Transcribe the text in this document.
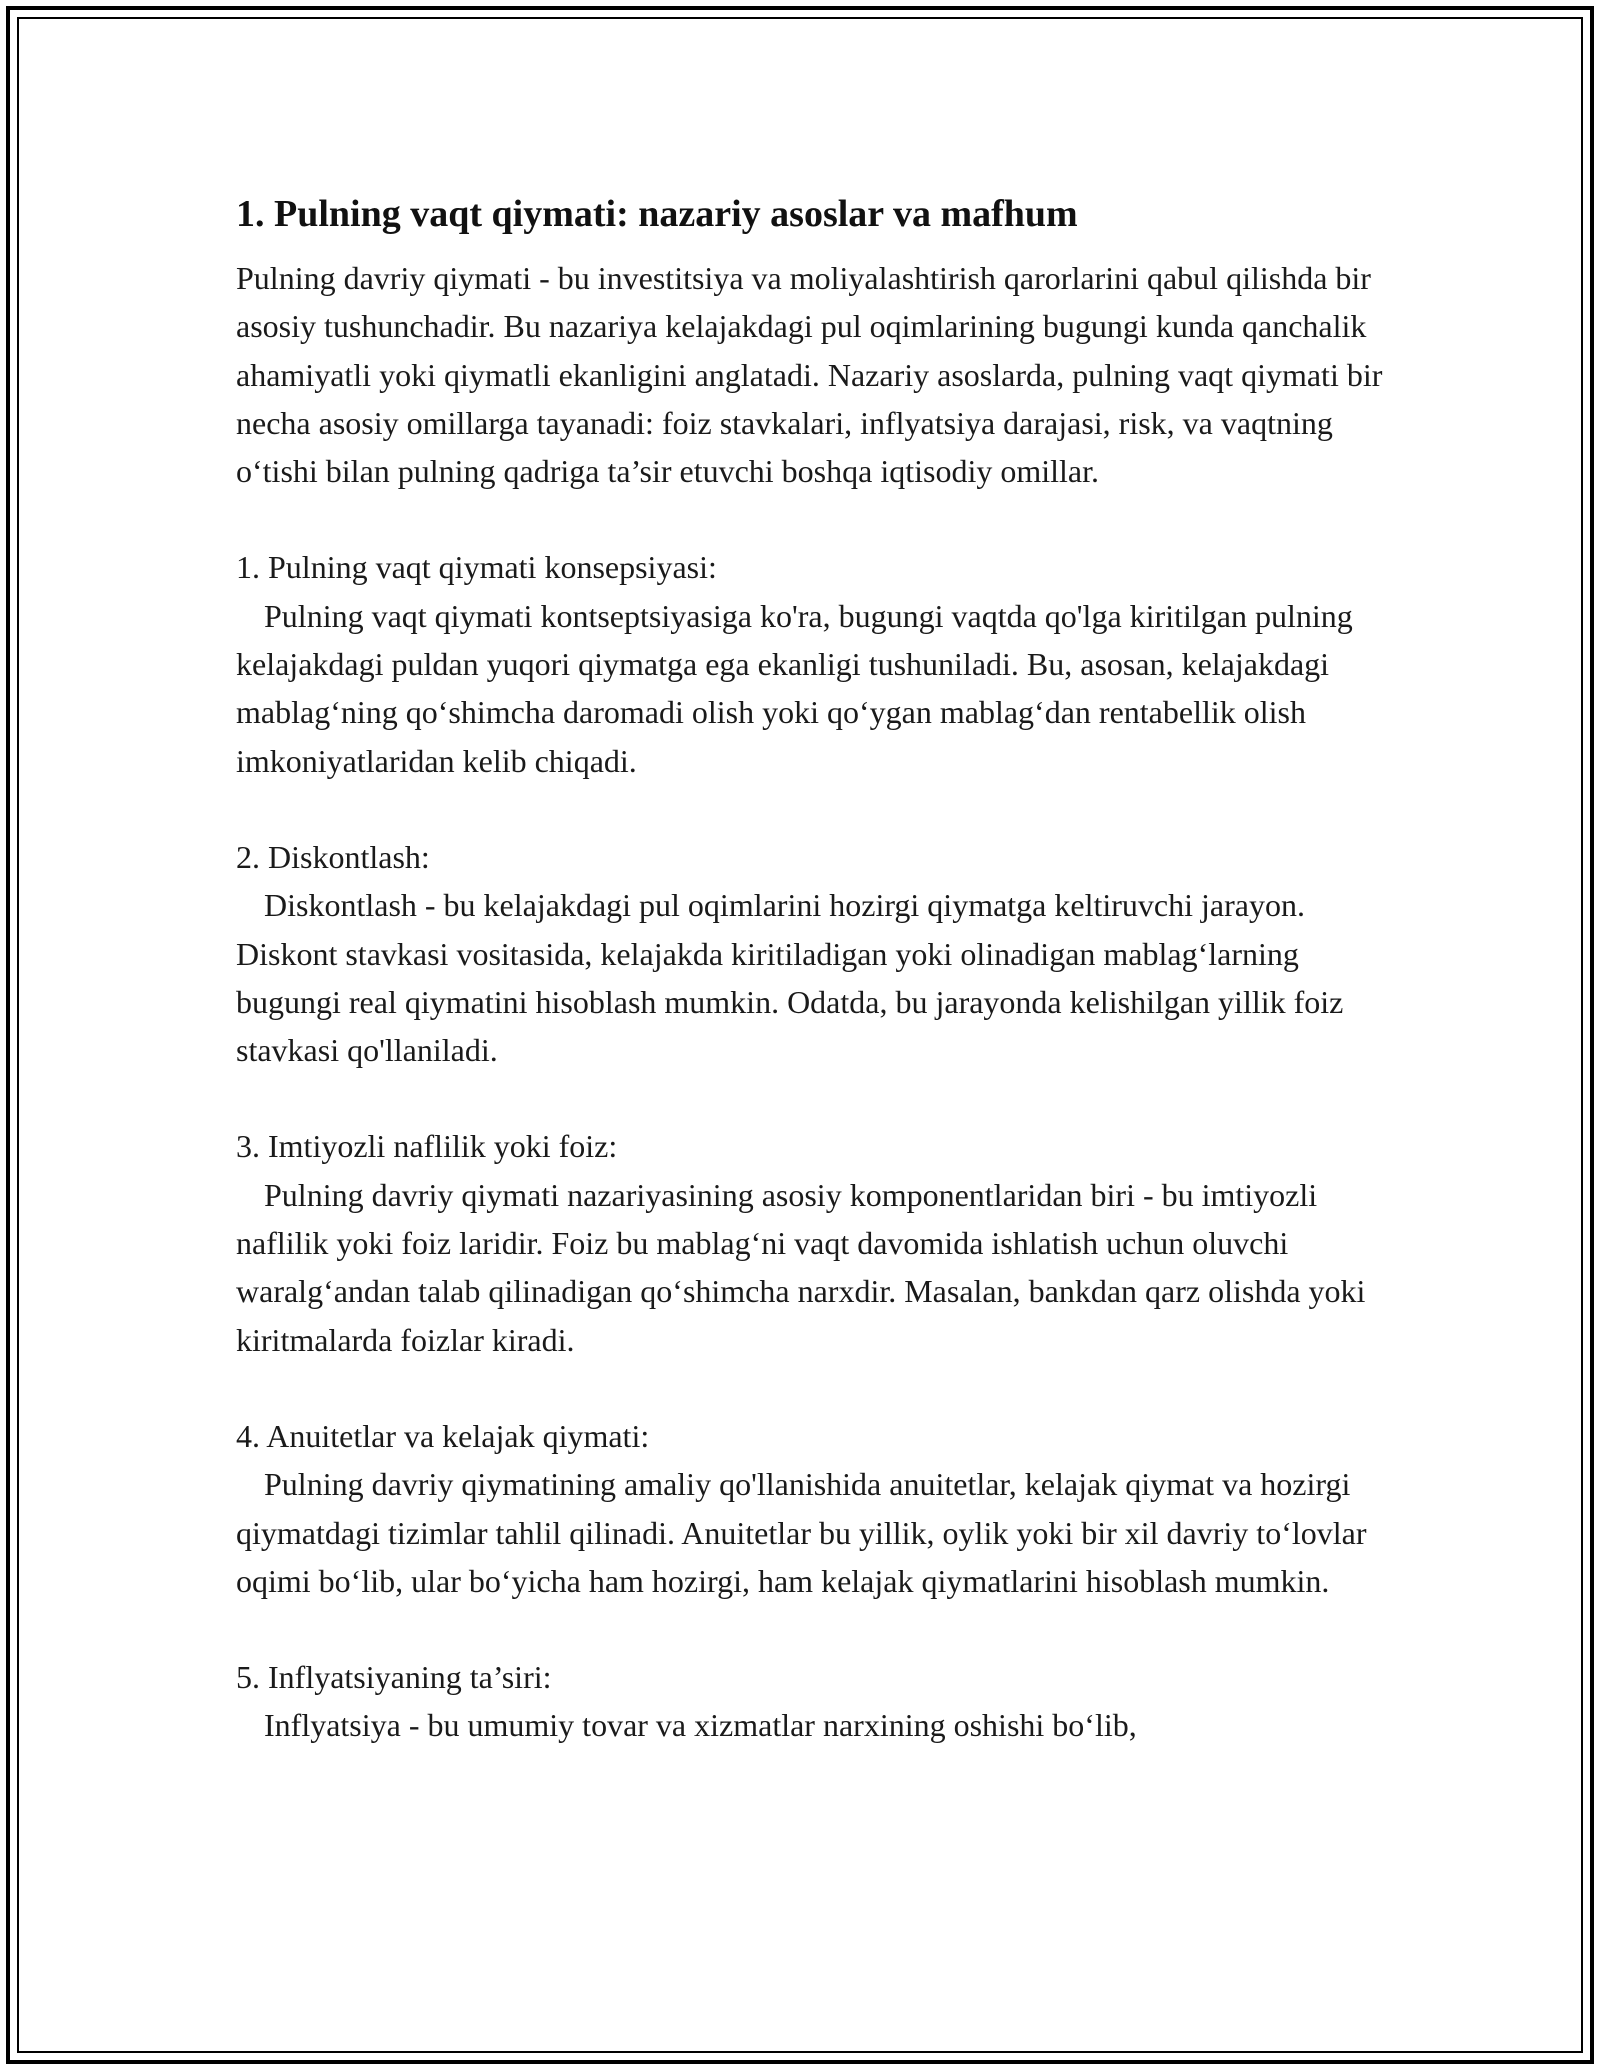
1. Pulning vaqt qiymati: nazariy asoslar va mafhum
Pulning davriy qiymati - bu investitsiya va moliyalashtirish qarorlarini qabul qilishda bir asosiy tushunchadir. Bu nazariya kelajakdagi pul oqimlarining bugungi kunda qanchalik ahamiyatli yoki qiymatli ekanligini anglatadi. Nazariy asoslarda, pulning vaqt qiymati bir necha asosiy omillarga tayanadi: foiz stavkalari, inflyatsiya darajasi, risk, va vaqtning o‘tishi bilan pulning qadriga ta’sir etuvchi boshqa iqtisodiy omillar.
1. Pulning vaqt qiymati konsepsiyasi:
Pulning vaqt qiymati kontseptsiyasiga ko'ra, bugungi vaqtda qo'lga kiritilgan pulning kelajakdagi puldan yuqori qiymatga ega ekanligi tushuniladi. Bu, asosan, kelajakdagi mablag‘ning qo‘shimcha daromadi olish yoki qo‘ygan mablag‘dan rentabellik olish imkoniyatlaridan kelib chiqadi.
2. Diskontlash:
Diskontlash - bu kelajakdagi pul oqimlarini hozirgi qiymatga keltiruvchi jarayon. Diskont stavkasi vositasida, kelajakda kiritiladigan yoki olinadigan mablag‘larning bugungi real qiymatini hisoblash mumkin. Odatda, bu jarayonda kelishilgan yillik foiz stavkasi qo'llaniladi.
3. Imtiyozli naflilik yoki foiz:
Pulning davriy qiymati nazariyasining asosiy komponentlaridan biri - bu imtiyozli naflilik yoki foiz laridir. Foiz bu mablag‘ni vaqt davomida ishlatish uchun oluvchi waralg‘andan talab qilinadigan qo‘shimcha narxdir. Masalan, bankdan qarz olishda yoki kiritmalarda foizlar kiradi.
4. Anuitetlar va kelajak qiymati:
Pulning davriy qiymatining amaliy qo'llanishida anuitetlar, kelajak qiymat va hozirgi qiymatdagi tizimlar tahlil qilinadi. Anuitetlar bu yillik, oylik yoki bir xil davriy to‘lovlar oqimi bo‘lib, ular bo‘yicha ham hozirgi, ham kelajak qiymatlarini hisoblash mumkin.
5. Inflyatsiyaning ta’siri:
Inflyatsiya - bu umumiy tovar va xizmatlar narxining oshishi bo‘lib,
